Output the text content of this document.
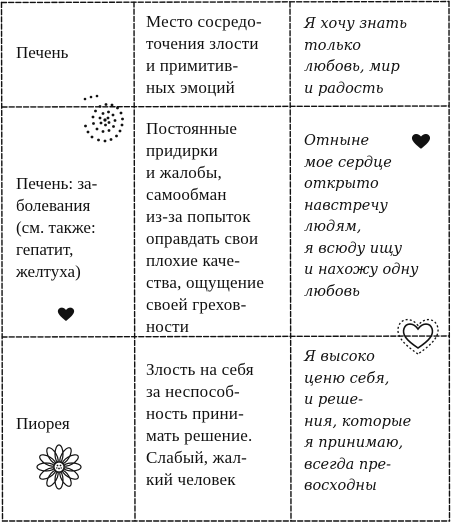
Печень
Место сосредо-
точения злости
и примитив-
ных эмоций
Я хочу знать
только
любовь, мир
и радость
Печень: за-
болевания
(см. также:
гепатит,
желтуха)
Постоянные
придирки
и жалобы,
самообман
из-за попыток
оправдать свои
плохие каче-
ства, ощущение
своей грехов-
ности
Отныне
мое сердце
открыто
навстречу
людям,
я всюду ищу
и нахожу одну
любовь
Пиорея
Злость на себя
за неспособ-
ность прини-
мать решение.
Слабый, жал-
кий человек
Я высоко
ценю себя,
и реше-
ния, которые
я принимаю,
всегда пре-
восходны
